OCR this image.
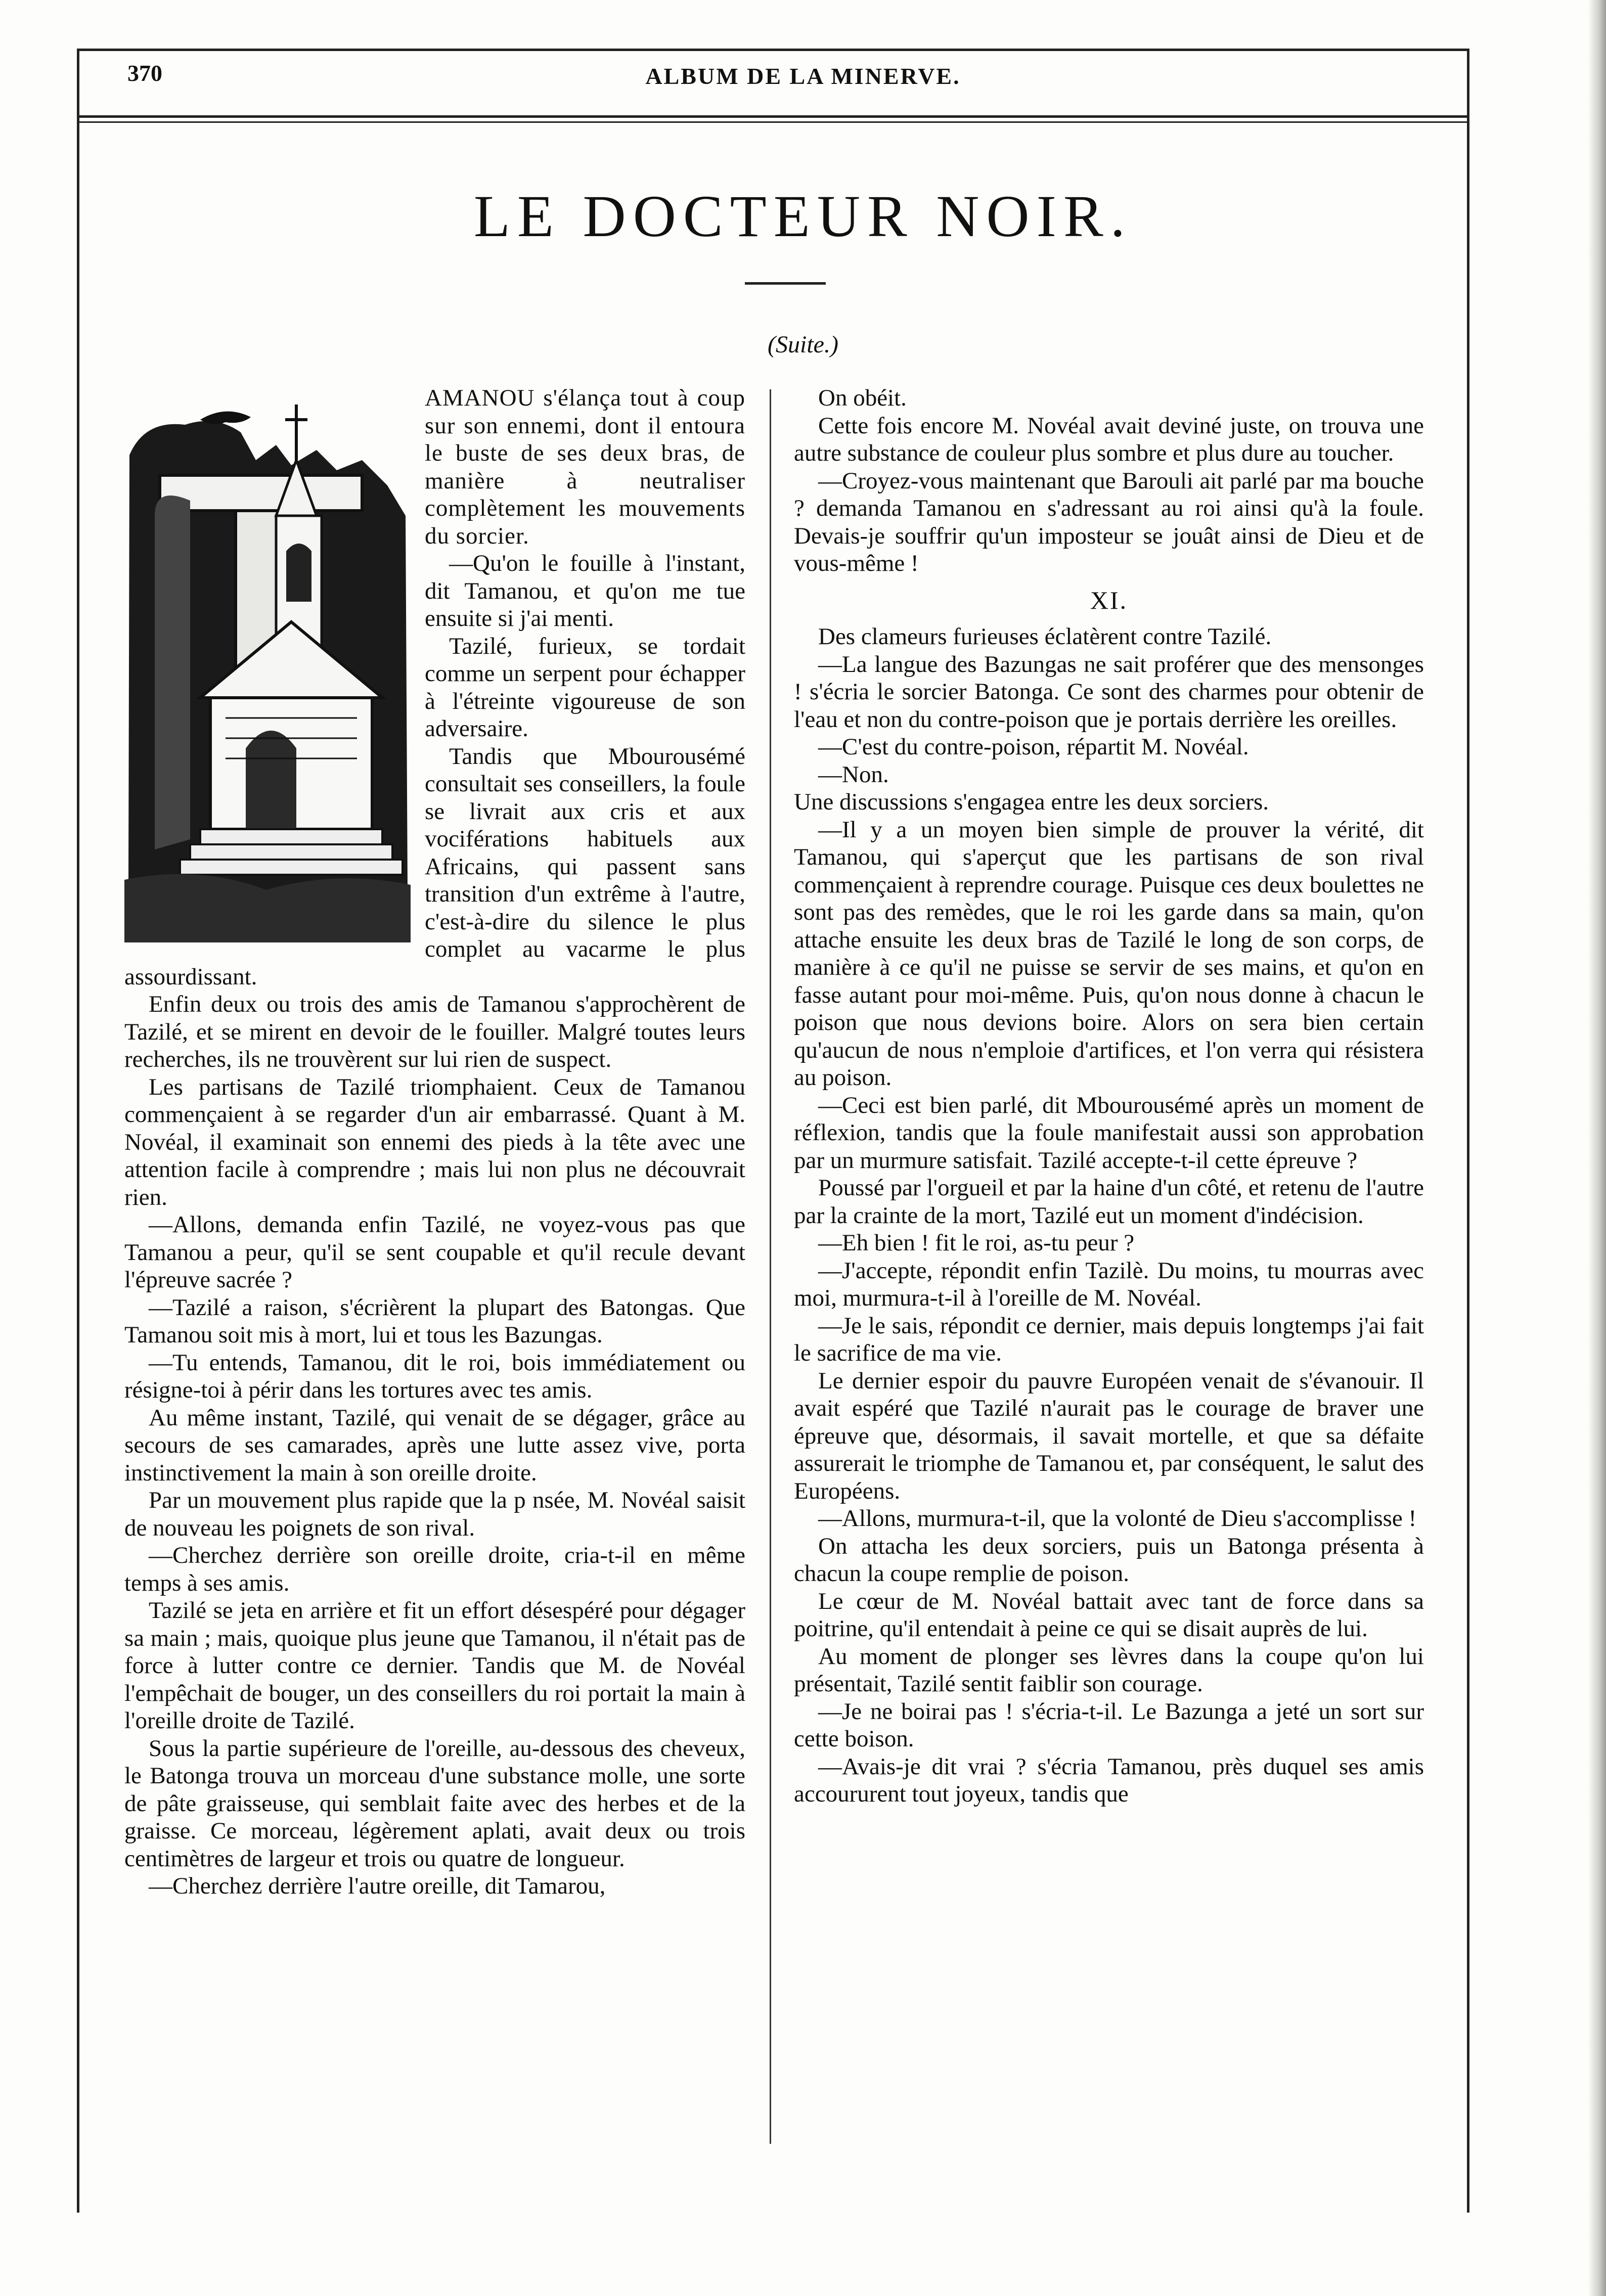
370	ALBUM DE LA MINERVE.
LE DOCTEUR NOIR.
(Suite.)

AMANOU s'élança tout à coup sur son ennemi, dont il entoura le buste de ses deux bras, de manière à neutraliser complètement les mouvements du sorcier.

—Qu'on le fouille à l'instant, dit Tamanou, et qu'on me tue ensuite si j'ai menti.

Tazilé, furieux, se tordait comme un serpent pour échapper à l'étreinte vigoureuse de son adversaire.

Tandis que Mbourousémé consultait ses conseillers, la foule se livrait aux cris et aux vociférations habituels aux Africains, qui passent sans transition d'un extrême à l'autre, c'est-à-dire du silence le plus complet au vacarme le plus assourdissant.

Enfin deux ou trois des amis de Tamanou s'approchèrent de Tazilé, et se mirent en devoir de le fouiller. Malgré toutes leurs recherches, ils ne trouvèrent sur lui rien de suspect.

Les partisans de Tazilé triomphaient. Ceux de Tamanou commençaient à se regarder d'un air embarrassé. Quant à M. Novéal, il examinait son ennemi des pieds à la tête avec une attention facile à comprendre ; mais lui non plus ne découvrait rien.

—Allons, demanda enfin Tazilé, ne voyez-vous pas que Tamanou a peur, qu'il se sent coupable et qu'il recule devant l'épreuve sacrée ?

—Tazilé a raison, s'écrièrent la plupart des Batongas. Que Tamanou soit mis à mort, lui et tous les Bazungas.

—Tu entends, Tamanou, dit le roi, bois immédiatement ou résigne-toi à périr dans les tortures avec tes amis.

Au même instant, Tazilé, qui venait de se dégager, grâce au secours de ses camarades, après une lutte assez vive, porta instinctivement la main à son oreille droite.

Par un mouvement plus rapide que la p nsée, M. Novéal saisit de nouveau les poignets de son rival.

—Cherchez derrière son oreille droite, cria-t-il en même temps à ses amis.

Tazilé se jeta en arrière et fit un effort désespéré pour dégager sa main ; mais, quoique plus jeune que Tamanou, il n'était pas de force à lutter contre ce dernier. Tandis que M. de Novéal l'empêchait de bouger, un des conseillers du roi portait la main à l'oreille droite de Tazilé.

Sous la partie supérieure de l'oreille, au-dessous des cheveux, le Batonga trouva un morceau d'une substance molle, une sorte de pâte graisseuse, qui semblait faite avec des herbes et de la graisse. Ce morceau, légèrement aplati, avait deux ou trois centimètres de largeur et trois ou quatre de longueur.

—Cherchez derrière l'autre oreille, dit Tamarou,

On obéit.

Cette fois encore M. Novéal avait deviné juste, on trouva une autre substance de couleur plus sombre et plus dure au toucher.

—Croyez-vous maintenant que Barouli ait parlé par ma bouche ? demanda Tamanou en s'adressant au roi ainsi qu'à la foule. Devais-je souffrir qu'un imposteur se jouât ainsi de Dieu et de vous-même !

XI.

Des clameurs furieuses éclatèrent contre Tazilé.

—La langue des Bazungas ne sait proférer que des mensonges ! s'écria le sorcier Batonga. Ce sont des charmes pour obtenir de l'eau et non du contre-poison que je portais derrière les oreilles.

—C'est du contre-poison, répartit M. Novéal.

—Non.

Une discussions s'engagea entre les deux sorciers.

—Il y a un moyen bien simple de prouver la vérité, dit Tamanou, qui s'aperçut que les partisans de son rival commençaient à reprendre courage. Puisque ces deux boulettes ne sont pas des remèdes, que le roi les garde dans sa main, qu'on attache ensuite les deux bras de Tazilé le long de son corps, de manière à ce qu'il ne puisse se servir de ses mains, et qu'on en fasse autant pour moi-même. Puis, qu'on nous donne à chacun le poison que nous devions boire. Alors on sera bien certain qu'aucun de nous n'emploie d'artifices, et l'on verra qui résistera au poison.

—Ceci est bien parlé, dit Mbourousémé après un moment de réflexion, tandis que la foule manifestait aussi son approbation par un murmure satisfait. Tazilé accepte-t-il cette épreuve ?

Poussé par l'orgueil et par la haine d'un côté, et retenu de l'autre par la crainte de la mort, Tazilé eut un moment d'indécision.

—Eh bien ! fit le roi, as-tu peur ?

—J'accepte, répondit enfin Tazilè. Du moins, tu mourras avec moi, murmura-t-il à l'oreille de M. Novéal.

—Je le sais, répondit ce dernier, mais depuis longtemps j'ai fait le sacrifice de ma vie.

Le dernier espoir du pauvre Européen venait de s'évanouir. Il avait espéré que Tazilé n'aurait pas le courage de braver une épreuve que, désormais, il savait mortelle, et que sa défaite assurerait le triomphe de Tamanou et, par conséquent, le salut des Européens.

—Allons, murmura-t-il, que la volonté de Dieu s'accomplisse !

On attacha les deux sorciers, puis un Batonga présenta à chacun la coupe remplie de poison.

Le cœur de M. Novéal battait avec tant de force dans sa poitrine, qu'il entendait à peine ce qui se disait auprès de lui.

Au moment de plonger ses lèvres dans la coupe qu'on lui présentait, Tazilé sentit faiblir son courage.

—Je ne boirai pas ! s'écria-t-il. Le Bazunga a jeté un sort sur cette boison.

—Avais-je dit vrai ? s'écria Tamanou, près duquel ses amis accoururent tout joyeux, tandis que
